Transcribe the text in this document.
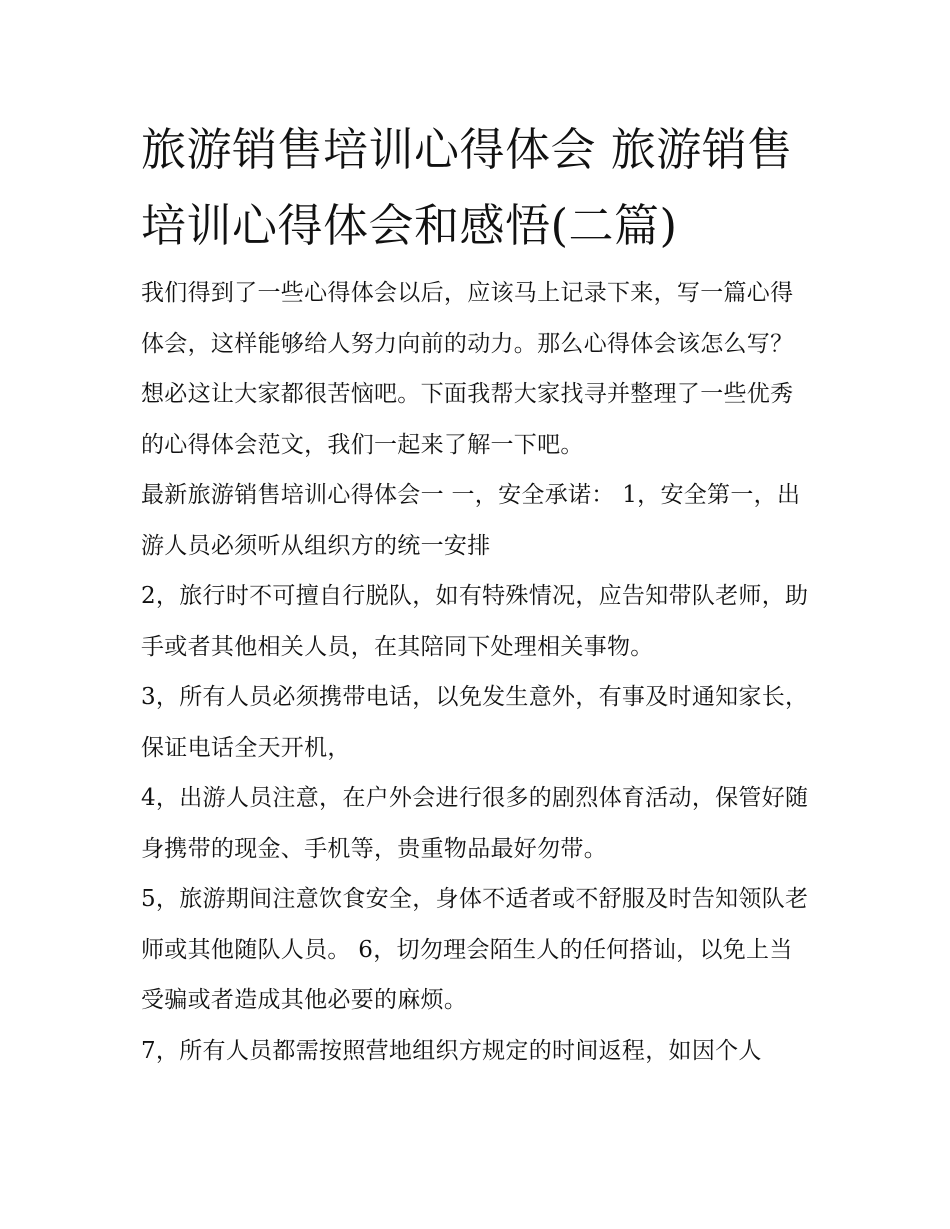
旅游销售培训心得体会 旅游销售培训心得体会和感悟(二篇)

我们得到了一些心得体会以后，应该马上记录下来，写一篇心得体会，这样能够给人努力向前的动力。那么心得体会该怎么写？想必这让大家都很苦恼吧。下面我帮大家找寻并整理了一些优秀的心得体会范文，我们一起来了解一下吧。

最新旅游销售培训心得体会一 一，安全承诺： 1，安全第一，出游人员必须听从组织方的统一安排

2，旅行时不可擅自行脱队，如有特殊情况，应告知带队老师，助手或者其他相关人员，在其陪同下处理相关事物。

3，所有人员必须携带电话，以免发生意外，有事及时通知家长，保证电话全天开机，

4，出游人员注意，在户外会进行很多的剧烈体育活动，保管好随身携带的现金、手机等，贵重物品最好勿带。

5，旅游期间注意饮食安全，身体不适者或不舒服及时告知领队老师或其他随队人员。 6，切勿理会陌生人的任何搭讪，以免上当受骗或者造成其他必要的麻烦。

7，所有人员都需按照营地组织方规定的时间返程，如因个人
